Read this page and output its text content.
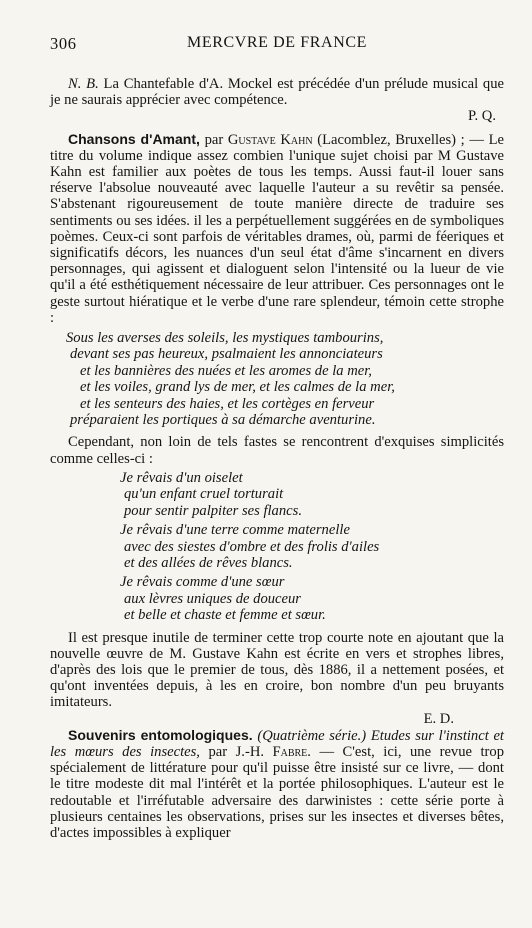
306	MERCVRE DE FRANCE

N. B. La Chantefable d'A. Mockel est précédée d'un prélude musical que je ne saurais apprécier avec compétence.

P. Q.

Chansons d'Amant, par Gustave Kahn (Lacomblez, Bruxelles) ; — Le titre du volume indique assez combien l'unique sujet choisi par M Gustave Kahn est familier aux poètes de tous les temps. Aussi faut-il louer sans réserve l'absolue nouveauté avec laquelle l'auteur a su revêtir sa pensée. S'abstenant rigoureusement de toute manière directe de traduire ses sentiments ou ses idées. il les a perpétuellement suggérées en de symboliques poèmes. Ceux-ci sont parfois de véritables drames, où, parmi de féeriques et significatifs décors, les nuances d'un seul état d'âme s'incarnent en divers personnages, qui agissent et dialoguent selon l'intensité ou la lueur de vie qu'il a été esthétiquement nécessaire de leur attribuer. Ces personnages ont le geste surtout hiératique et le verbe d'une rare splendeur, témoin cette strophe :

Sous les averses des soleils, les mystiques tambourins,
devant ses pas heureux, psalmaient les annonciateurs
et les bannières des nuées et les aromes de la mer,
et les voiles, grand lys de mer, et les calmes de la mer,
et les senteurs des haies, et les cortèges en ferveur
préparaient les portiques à sa démarche aventurine.

Cependant, non loin de tels fastes se rencontrent d'exquises simplicités comme celles-ci :

Je rêvais d'un oiselet
qu'un enfant cruel torturait
pour sentir palpiter ses flancs.
Je rêvais d'une terre comme maternelle
avec des siestes d'ombre et des frolis d'ailes
et des allées de rêves blancs.
Je rêvais comme d'une sœur
aux lèvres uniques de douceur
et belle et chaste et femme et sœur.

Il est presque inutile de terminer cette trop courte note en ajoutant que la nouvelle œuvre de M. Gustave Kahn est écrite en vers et strophes libres, d'après des lois que le premier de tous, dès 1886, il a nettement posées, et qu'ont inventées depuis, à les en croire, bon nombre d'un peu bruyants imitateurs.

E. D.

Souvenirs entomologiques. (Quatrième série.) Etudes sur l'instinct et les mœurs des insectes, par J.-H. Fabre. — C'est, ici, une revue trop spécialement de littérature pour qu'il puisse être insisté sur ce livre, — dont le titre modeste dit mal l'intérêt et la portée philosophiques. L'auteur est le redoutable et l'irréfutable adversaire des darwinistes : cette série porte à plusieurs centaines les observations, prises sur les insectes et diverses bêtes, d'actes impossibles à expliquer
